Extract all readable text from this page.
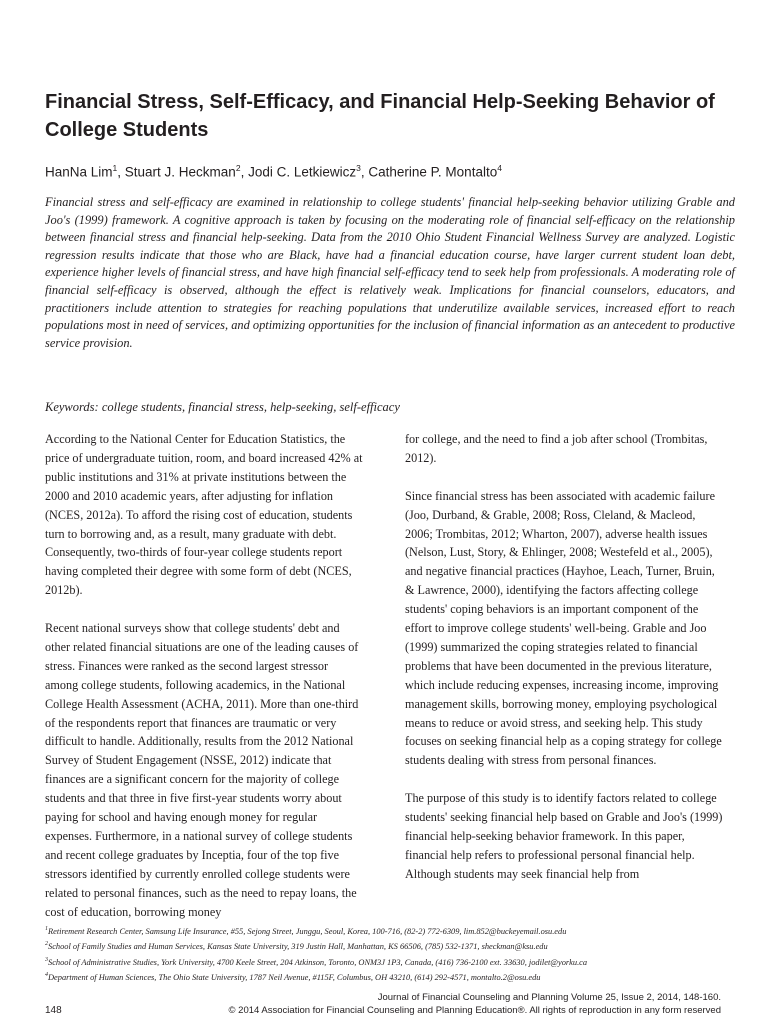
Financial Stress, Self-Efficacy, and Financial Help-Seeking Behavior of College Students
HanNa Lim$^1$, Stuart J. Heckman$^2$, Jodi C. Letkiewicz$^3$, Catherine P. Montalto$^4$
Financial stress and self-efficacy are examined in relationship to college students' financial help-seeking behavior utilizing Grable and Joo's (1999) framework. A cognitive approach is taken by focusing on the moderating role of financial self-efficacy on the relationship between financial stress and financial help-seeking. Data from the 2010 Ohio Student Financial Wellness Survey are analyzed. Logistic regression results indicate that those who are Black, have had a financial education course, have larger current student loan debt, experience higher levels of financial stress, and have high financial self-efficacy tend to seek help from professionals. A moderating role of financial self-efficacy is observed, although the effect is relatively weak. Implications for financial counselors, educators, and practitioners include attention to strategies for reaching populations that underutilize available services, increased effort to reach populations most in need of services, and optimizing opportunities for the inclusion of financial information as an antecedent to productive service provision.
Keywords: college students, financial stress, help-seeking, self-efficacy

According to the National Center for Education Statistics, the price of undergraduate tuition, room, and board increased 42% at public institutions and 31% at private institutions between the 2000 and 2010 academic years, after adjusting for inflation (NCES, 2012a). To afford the rising cost of education, students turn to borrowing and, as a result, many graduate with debt. Consequently, two-thirds of four-year college students report having completed their degree with some form of debt (NCES, 2012b).

Recent national surveys show that college students' debt and other related financial situations are one of the leading causes of stress. Finances were ranked as the second largest stressor among college students, following academics, in the National College Health Assessment (ACHA, 2011). More than one-third of the respondents report that finances are traumatic or very difficult to handle. Additionally, results from the 2012 National Survey of Student Engagement (NSSE, 2012) indicate that finances are a significant concern for the majority of college students and that three in five first-year students worry about paying for school and having enough money for regular expenses. Furthermore, in a national survey of college students and recent college graduates by Inceptia, four of the top five stressors identified by currently enrolled college students were related to personal finances, such as the need to repay loans, the cost of education, borrowing money

for college, and the need to find a job after school (Trombitas, 2012).

Since financial stress has been associated with academic failure (Joo, Durband, & Grable, 2008; Ross, Cleland, & Macleod, 2006; Trombitas, 2012; Wharton, 2007), adverse health issues (Nelson, Lust, Story, & Ehlinger, 2008; Westefeld et al., 2005), and negative financial practices (Hayhoe, Leach, Turner, Bruin, & Lawrence, 2000), identifying the factors affecting college students' coping behaviors is an important component of the effort to improve college students' well-being. Grable and Joo (1999) summarized the coping strategies related to financial problems that have been documented in the previous literature, which include reducing expenses, increasing income, improving management skills, borrowing money, employing psychological means to reduce or avoid stress, and seeking help. This study focuses on seeking financial help as a coping strategy for college students dealing with stress from personal finances.

The purpose of this study is to identify factors related to college students' seeking financial help based on Grable and Joo's (1999) financial help-seeking behavior framework. In this paper, financial help refers to professional personal financial help. Although students may seek financial help from

$^1$Retirement Research Center, Samsung Life Insurance, #55, Sejong Street, Junggu, Seoul, Korea, 100-716, (82-2) 772-6309, lim.852@buckeyemail.osu.edu
$^2$School of Family Studies and Human Services, Kansas State University, 319 Justin Hall, Manhattan, KS 66506, (785) 532-1371, sheckman@ksu.edu
$^3$School of Administrative Studies, York University, 4700 Keele Street, 204 Atkinson, Toronto, ONM3J 1P3, Canada, (416) 736-2100 ext. 33630, jodilet@yorku.ca
$^4$Department of Human Sciences, The Ohio State University, 1787 Neil Avenue, #115F, Columbus, OH 43210, (614) 292-4571, montalto.2@osu.edu
148
Journal of Financial Counseling and Planning Volume 25, Issue 2, 2014, 148-160.
© 2014 Association for Financial Counseling and Planning Education®. All rights of reproduction in any form reserved
